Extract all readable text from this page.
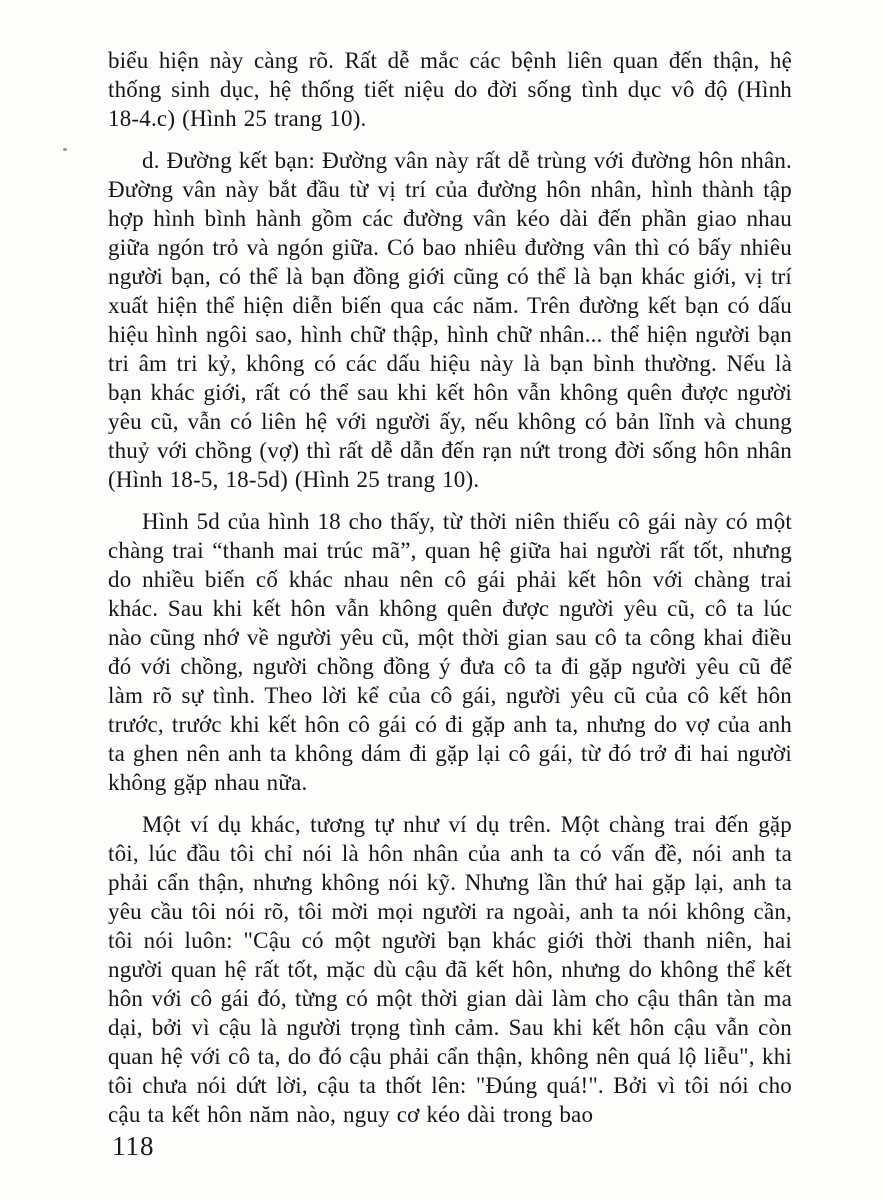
biểu hiện này càng rõ. Rất dễ mắc các bệnh liên quan đến thận, hệ thống sinh dục, hệ thống tiết niệu do đời sống tình dục vô độ (Hình 18-4.c) (Hình 25 trang 10).

d. Đường kết bạn: Đường vân này rất dễ trùng với đường hôn nhân. Đường vân này bắt đầu từ vị trí của đường hôn nhân, hình thành tập hợp hình bình hành gồm các đường vân kéo dài đến phần giao nhau giữa ngón trỏ và ngón giữa. Có bao nhiêu đường vân thì có bấy nhiêu người bạn, có thể là bạn đồng giới cũng có thể là bạn khác giới, vị trí xuất hiện thể hiện diễn biến qua các năm. Trên đường kết bạn có dấu hiệu hình ngôi sao, hình chữ thập, hình chữ nhân... thể hiện người bạn tri âm tri kỷ, không có các dấu hiệu này là bạn bình thường. Nếu là bạn khác giới, rất có thể sau khi kết hôn vẫn không quên được người yêu cũ, vẫn có liên hệ với người ấy, nếu không có bản lĩnh và chung thuỷ với chồng (vợ) thì rất dễ dẫn đến rạn nứt trong đời sống hôn nhân (Hình 18-5, 18-5d) (Hình 25 trang 10).

Hình 5d của hình 18 cho thấy, từ thời niên thiếu cô gái này có một chàng trai “thanh mai trúc mã”, quan hệ giữa hai người rất tốt, nhưng do nhiều biến cố khác nhau nên cô gái phải kết hôn với chàng trai khác. Sau khi kết hôn vẫn không quên được người yêu cũ, cô ta lúc nào cũng nhớ về người yêu cũ, một thời gian sau cô ta công khai điều đó với chồng, người chồng đồng ý đưa cô ta đi gặp người yêu cũ để làm rõ sự tình. Theo lời kể của cô gái, người yêu cũ của cô kết hôn trước, trước khi kết hôn cô gái có đi gặp anh ta, nhưng do vợ của anh ta ghen nên anh ta không dám đi gặp lại cô gái, từ đó trở đi hai người không gặp nhau nữa.

Một ví dụ khác, tương tự như ví dụ trên. Một chàng trai đến gặp tôi, lúc đầu tôi chỉ nói là hôn nhân của anh ta có vấn đề, nói anh ta phải cẩn thận, nhưng không nói kỹ. Nhưng lần thứ hai gặp lại, anh ta yêu cầu tôi nói rõ, tôi mời mọi người ra ngoài, anh ta nói không cần, tôi nói luôn: "Cậu có một người bạn khác giới thời thanh niên, hai người quan hệ rất tốt, mặc dù cậu đã kết hôn, nhưng do không thể kết hôn với cô gái đó, từng có một thời gian dài làm cho cậu thân tàn ma dại, bởi vì cậu là người trọng tình cảm. Sau khi kết hôn cậu vẫn còn quan hệ với cô ta, do đó cậu phải cẩn thận, không nên quá lộ liễu", khi tôi chưa nói dứt lời, cậu ta thốt lên: "Đúng quá!". Bởi vì tôi nói cho cậu ta kết hôn năm nào, nguy cơ kéo dài trong bao

118
